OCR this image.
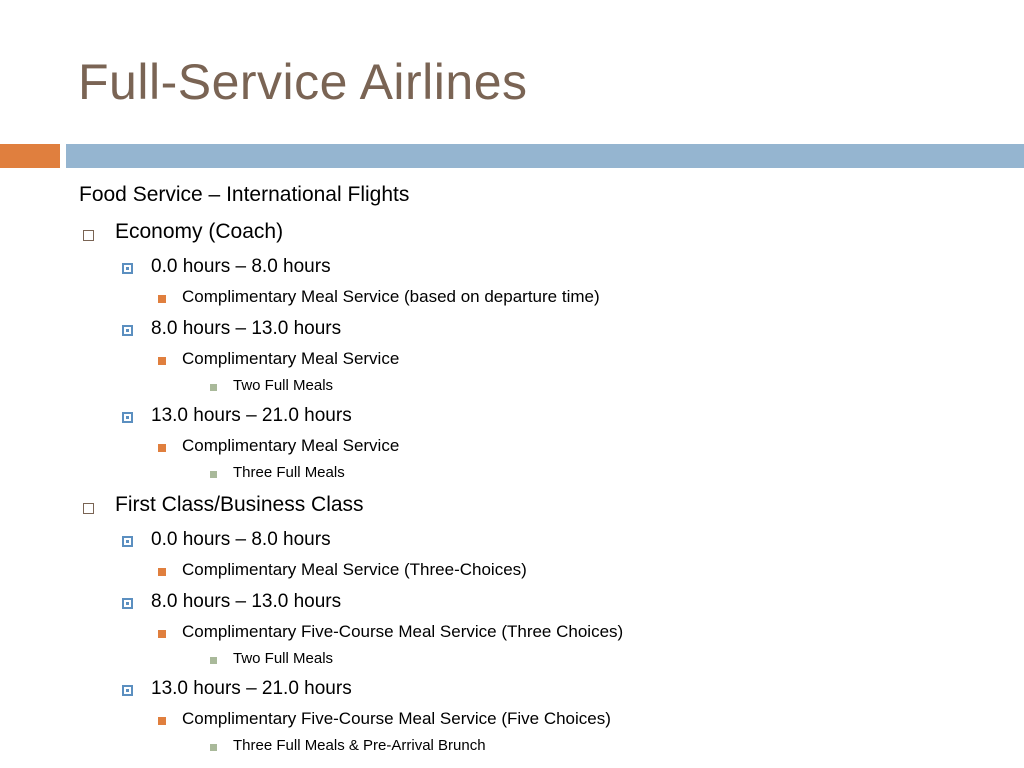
Full-Service Airlines
Food Service – International Flights
Economy (Coach)
0.0 hours – 8.0 hours
Complimentary Meal Service (based on departure time)
8.0 hours – 13.0 hours
Complimentary Meal Service
Two Full Meals
13.0 hours – 21.0 hours
Complimentary Meal Service
Three Full Meals
First Class/Business Class
0.0 hours – 8.0 hours
Complimentary Meal Service (Three-Choices)
8.0 hours – 13.0 hours
Complimentary Five-Course Meal Service (Three Choices)
Two Full Meals
13.0 hours – 21.0 hours
Complimentary Five-Course Meal Service (Five Choices)
Three Full Meals & Pre-Arrival Brunch
